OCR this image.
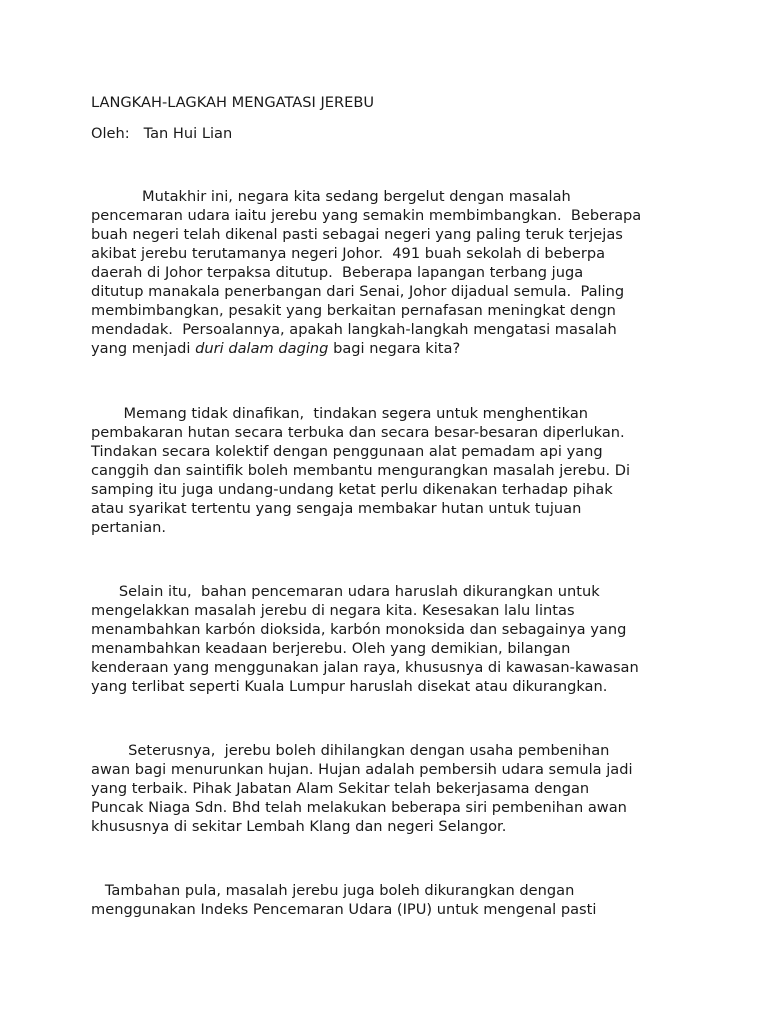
LANGKAH-LAGKAH MENGATASI JEREBU
Oleh:   Tan Hui Lian
Mutakhir ini, negara kita sedang bergelut dengan masalah
pencemaran udara iaitu jerebu yang semakin membimbangkan.  Beberapa
buah negeri telah dikenal pasti sebagai negeri yang paling teruk terjejas
akibat jerebu terutamanya negeri Johor.  491 buah sekolah di beberpa
daerah di Johor terpaksa ditutup.  Beberapa lapangan terbang juga
ditutup manakala penerbangan dari Senai, Johor dijadual semula.  Paling
membimbangkan, pesakit yang berkaitan pernafasan meningkat dengn
mendadak.  Persoalannya, apakah langkah-langkah mengatasi masalah
yang menjadi duri dalam daging bagi negara kita?
Memang tidak dinafikan,  tindakan segera untuk menghentikan
pembakaran hutan secara terbuka dan secara besar-besaran diperlukan.
Tindakan secara kolektif dengan penggunaan alat pemadam api yang
canggih dan saintifik boleh membantu mengurangkan masalah jerebu. Di
samping itu juga undang-undang ketat perlu dikenakan terhadap pihak
atau syarikat tertentu yang sengaja membakar hutan untuk tujuan
pertanian.
Selain itu,  bahan pencemaran udara haruslah dikurangkan untuk
mengelakkan masalah jerebu di negara kita. Kesesakan lalu lintas
menambahkan karbón dioksida, karbón monoksida dan sebagainya yang
menambahkan keadaan berjerebu. Oleh yang demikian, bilangan
kenderaan yang menggunakan jalan raya, khususnya di kawasan-kawasan
yang terlibat seperti Kuala Lumpur haruslah disekat atau dikurangkan.
Seterusnya,  jerebu boleh dihilangkan dengan usaha pembenihan
awan bagi menurunkan hujan. Hujan adalah pembersih udara semula jadi
yang terbaik. Pihak Jabatan Alam Sekitar telah bekerjasama dengan
Puncak Niaga Sdn. Bhd telah melakukan beberapa siri pembenihan awan
khususnya di sekitar Lembah Klang dan negeri Selangor.
Tambahan pula, masalah jerebu juga boleh dikurangkan dengan
menggunakan Indeks Pencemaran Udara (IPU) untuk mengenal pasti
